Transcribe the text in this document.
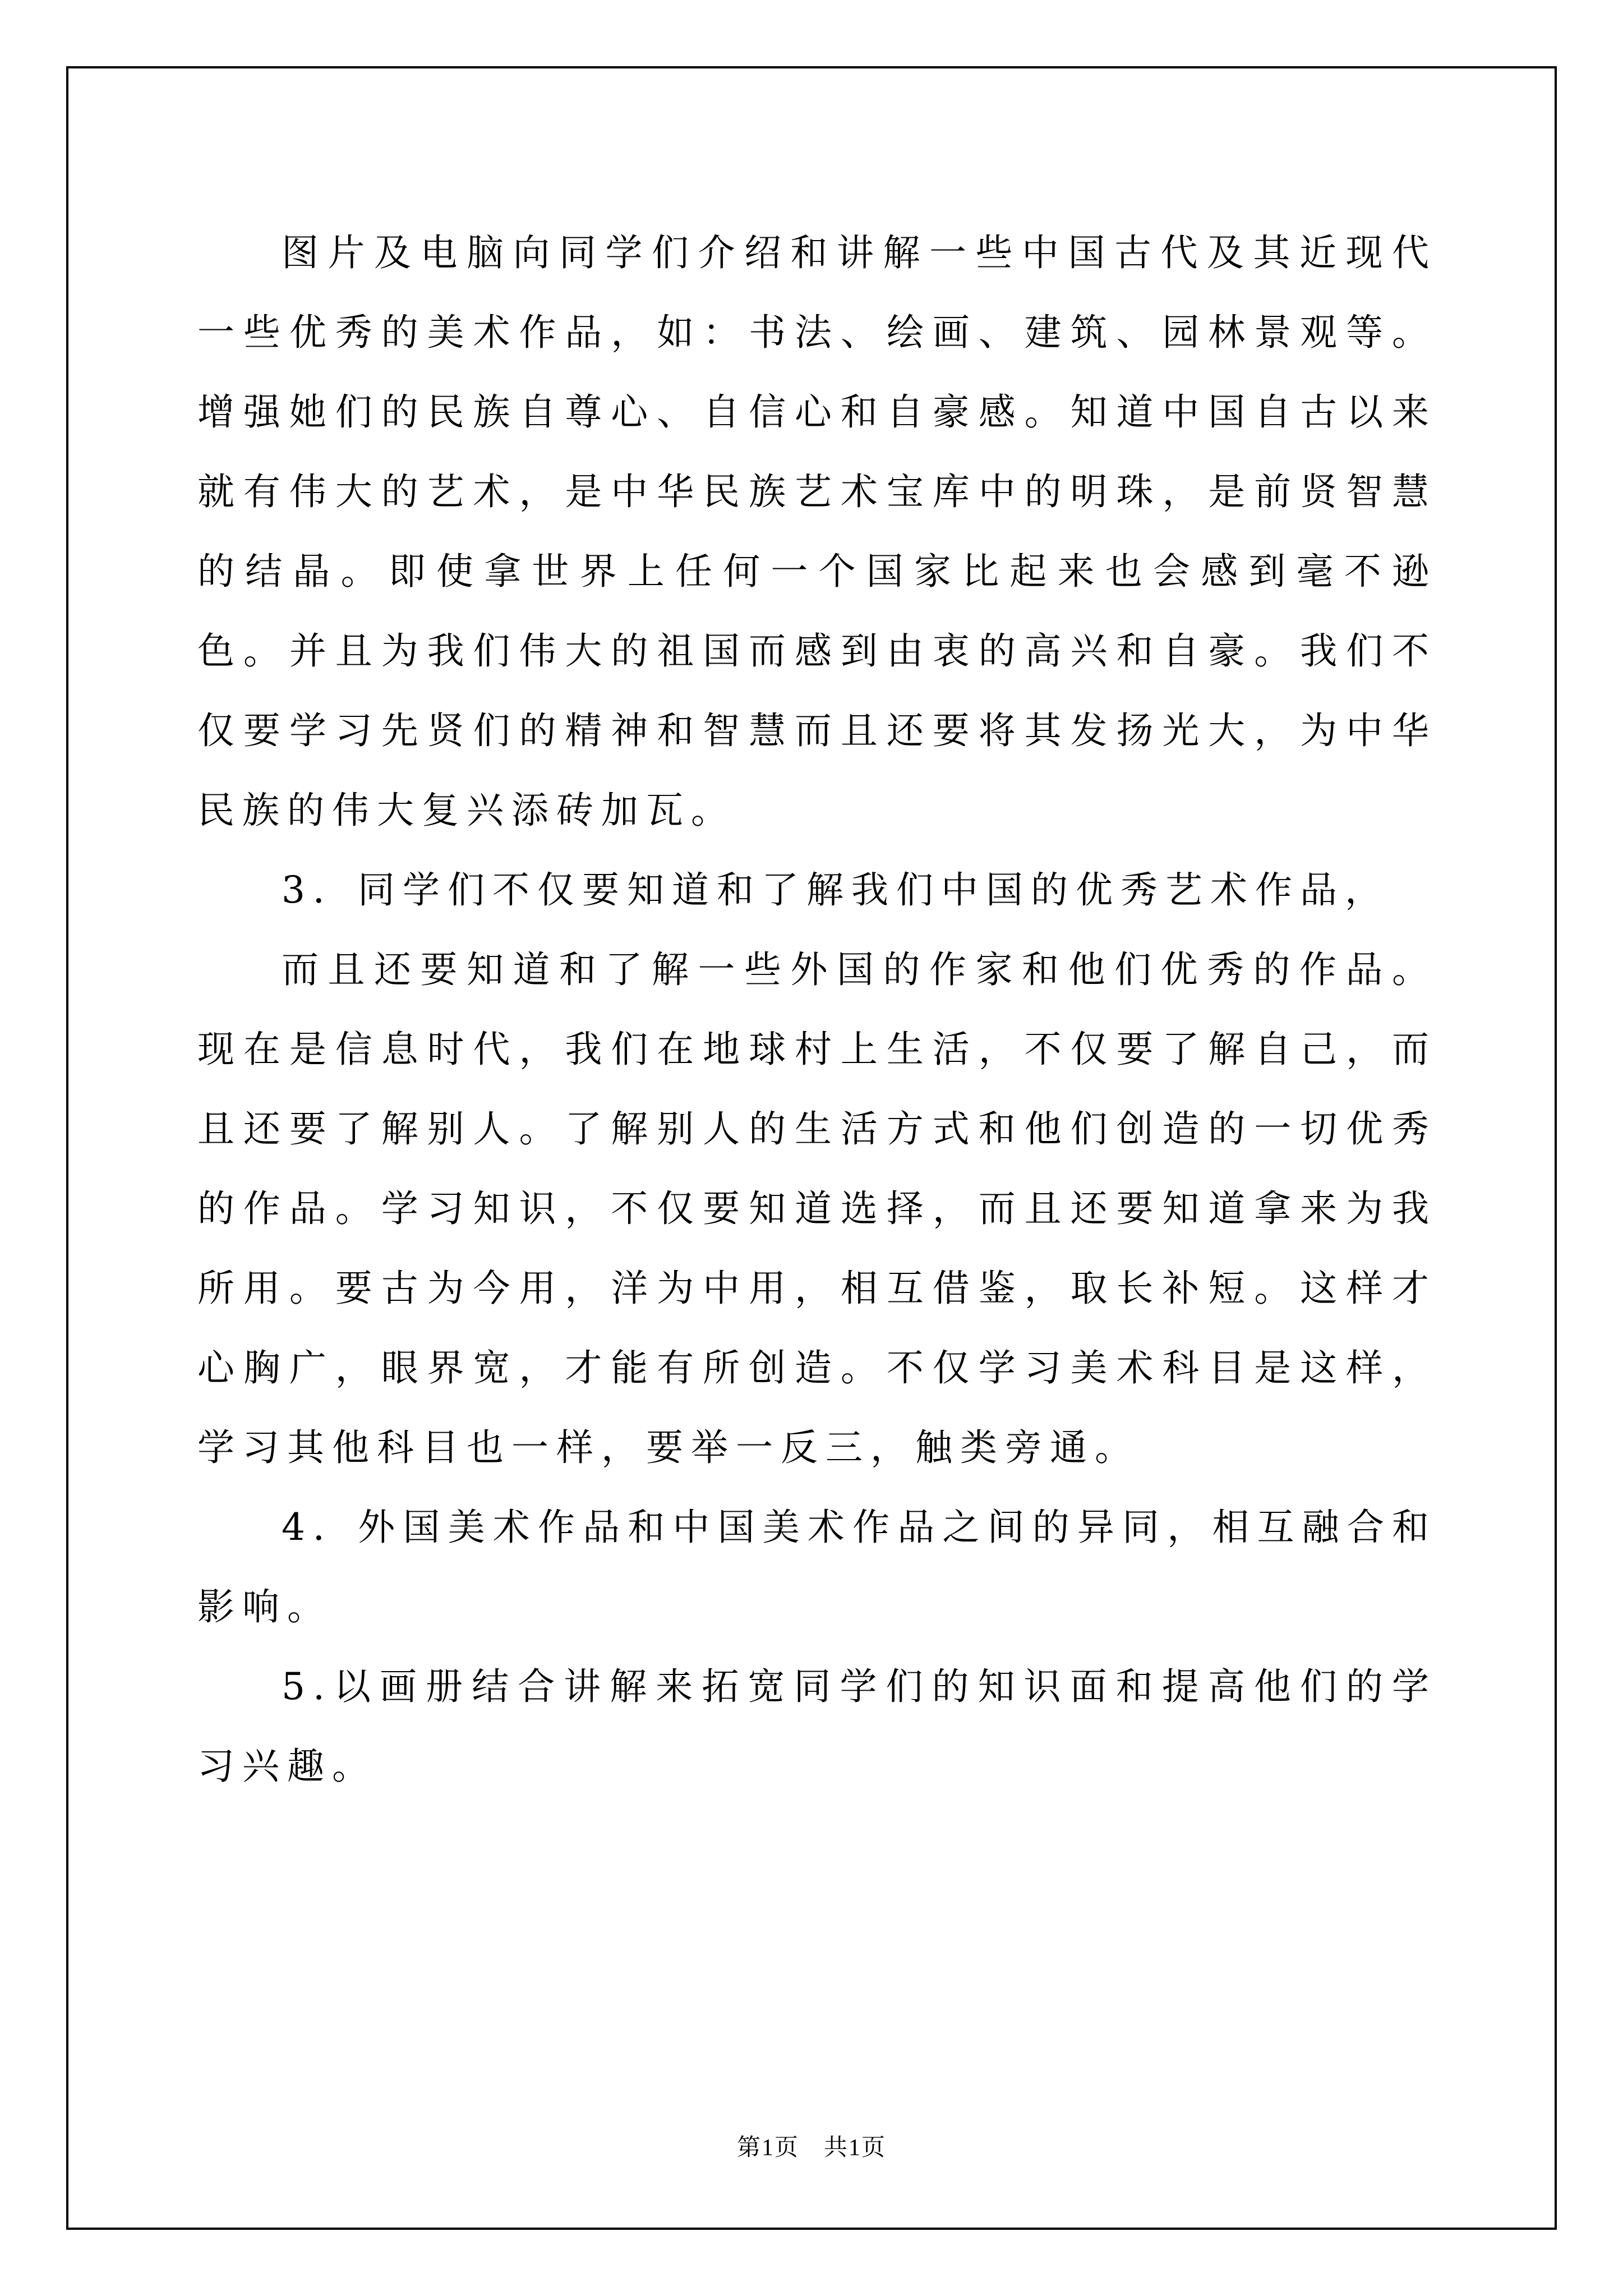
图片及电脑向同学们介绍和讲解一些中国古代及其近现代一些优秀的美术作品，如：书法、绘画、建筑、园林景观等。增强她们的民族自尊心、自信心和自豪感。知道中国自古以来就有伟大的艺术，是中华民族艺术宝库中的明珠，是前贤智慧的结晶。即使拿世界上任何一个国家比起来也会感到毫不逊色。并且为我们伟大的祖国而感到由衷的高兴和自豪。我们不仅要学习先贤们的精神和智慧而且还要将其发扬光大，为中华民族的伟大复兴添砖加瓦。

3．同学们不仅要知道和了解我们中国的优秀艺术作品，

而且还要知道和了解一些外国的作家和他们优秀的作品。现在是信息时代，我们在地球村上生活，不仅要了解自己，而且还要了解别人。了解别人的生活方式和他们创造的一切优秀的作品。学习知识，不仅要知道选择，而且还要知道拿来为我所用。要古为今用，洋为中用，相互借鉴，取长补短。这样才心胸广，眼界宽，才能有所创造。不仅学习美术科目是这样，学习其他科目也一样，要举一反三，触类旁通。

4．外国美术作品和中国美术作品之间的异同，相互融合和影响。

5.以画册结合讲解来拓宽同学们的知识面和提高他们的学习兴趣。

第1页　共1页
